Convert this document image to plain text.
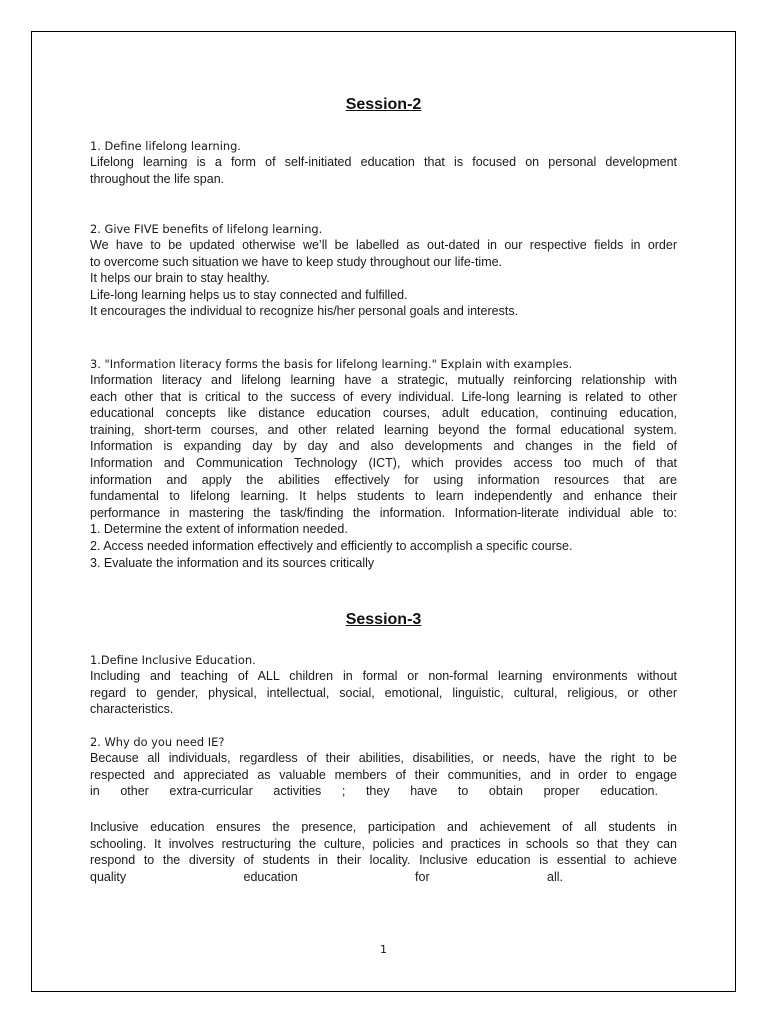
Session-2
1. Define lifelong learning.
Lifelong learning is a form of self-initiated education that is focused on personal development
throughout the life span.
2. Give FIVE benefits of lifelong learning.
We have to be updated otherwise we’ll be labelled as out-dated in our respective fields in order
to overcome such situation we have to keep study throughout our life-time.
It helps our brain to stay healthy.
Life-long learning helps us to stay connected and fulfilled.
It encourages the individual to recognize his/her personal goals and interests.
3. "Information literacy forms the basis for lifelong learning." Explain with examples.
Information literacy and lifelong learning have a strategic, mutually reinforcing relationship with
each other that is critical to the success of every individual. Life-long learning is related to other
educational concepts like distance education courses, adult education, continuing education,
training, short-term courses, and other related learning beyond the formal educational system.
Information is expanding day by day and also developments and changes in the field of
Information and Communication Technology (ICT), which provides access too much of that
information and apply the abilities effectively for using information resources that are
fundamental to lifelong learning. It helps students to learn independently and enhance their
performance in mastering the task/finding the information. Information-literate individual able to:
1. Determine the extent of information needed.
2. Access needed information effectively and efficiently to accomplish a specific course.
3. Evaluate the information and its sources critically
Session-3
1.Define Inclusive Education.
Including and teaching of ALL children in formal or non-formal learning environments without
regard to gender, physical, intellectual, social, emotional, linguistic, cultural, religious, or other
characteristics.
2. Why do you need IE?
Because all individuals, regardless of their abilities, disabilities, or needs, have the right to be
respected and appreciated as valuable members of their communities, and in order to engage
in other extra-curricular activities ; they have to obtain proper education.
Inclusive education ensures the presence, participation and achievement of all students in
schooling. It involves restructuring the culture, policies and practices in schools so that they can
respond to the diversity of students in their locality. Inclusive education is essential to achieve
quality education for all.
1
